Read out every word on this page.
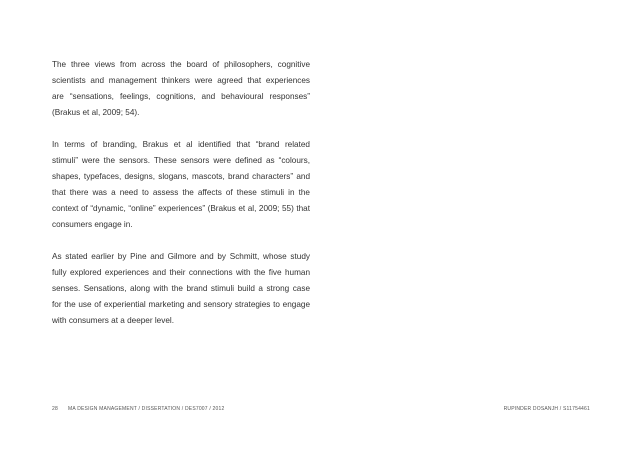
The three views from across the board of philosophers, cognitive
scientists and management thinkers were agreed that experiences
are “sensations, feelings, cognitions, and behavioural responses”
(Brakus et al, 2009; 54).

In terms of branding, Brakus et al identified that “brand related
stimuli” were the sensors. These sensors were defined as “colours,
shapes, typefaces, designs, slogans, mascots, brand characters” and
that there was a need to assess the affects of these stimuli in the
context of “dynamic, “online” experiences” (Brakus et al, 2009; 55) that
consumers engage in.

As stated earlier by Pine and Gilmore and by Schmitt, whose study
fully explored experiences and their connections with the five human
senses. Sensations, along with the brand stimuli build a strong case
for the use of experiential marketing and sensory strategies to engage
with consumers at a deeper level.

28 MA DESIGN MANAGEMENT / DISSERTATION / DES7007 / 2012	RUPINDER DOSANJH / S11754461
